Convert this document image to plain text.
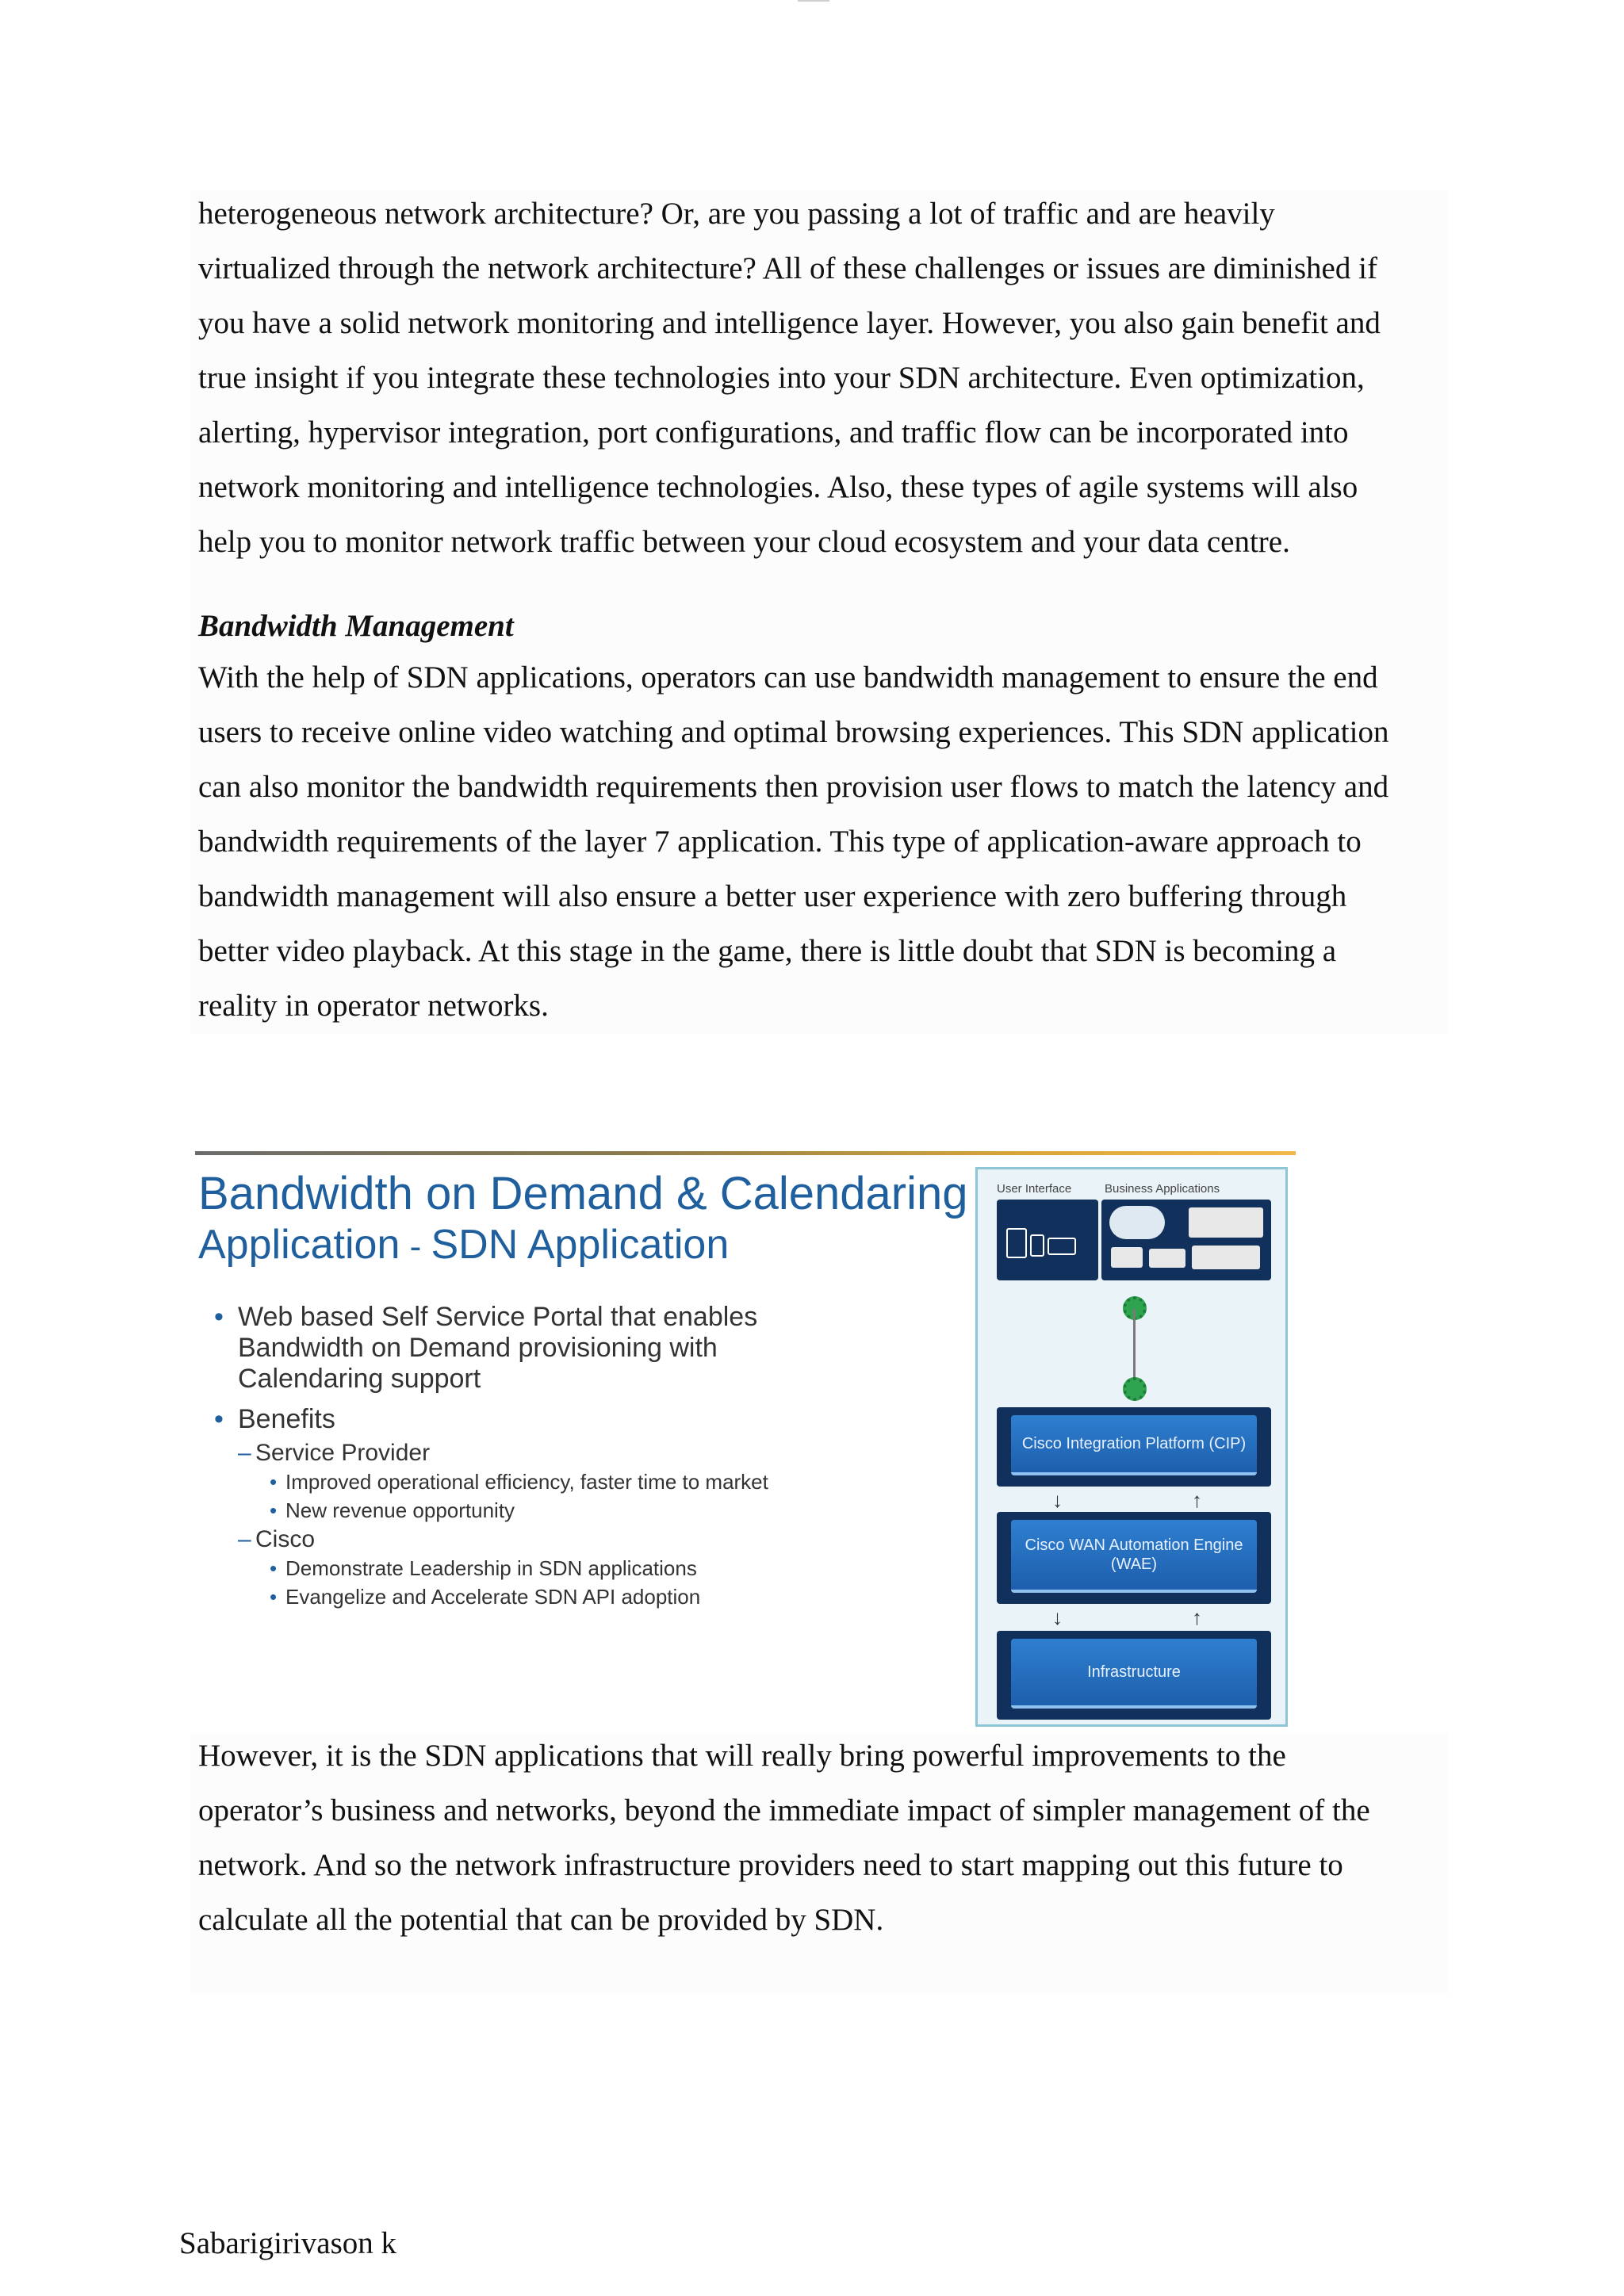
heterogeneous network architecture? Or, are you passing a lot of traffic and are heavily

virtualized through the network architecture? All of these challenges or issues are diminished if

you have a solid network monitoring and intelligence layer. However, you also gain benefit and

true insight if you integrate these technologies into your SDN architecture. Even optimization,

alerting, hypervisor integration, port configurations, and traffic flow can be incorporated into

network monitoring and intelligence technologies. Also, these types of agile systems will also

help you to monitor network traffic between your cloud ecosystem and your data centre.

Bandwidth Management

With the help of SDN applications, operators can use bandwidth management to ensure the end

users to receive online video watching and optimal browsing experiences. This SDN application

can also monitor the bandwidth requirements then provision user flows to match the latency and

bandwidth requirements of the layer 7 application. This type of application-aware approach to

bandwidth management will also ensure a better user experience with zero buffering through

better video playback. At this stage in the game, there is little doubt that SDN is becoming a

reality in operator networks.

Bandwidth on Demand & Calendaring
Application - SDN Application

• Web based Self Service Portal that enables
Bandwidth on Demand provisioning with
Calendaring support

• Benefits

– Service Provider

• Improved operational efficiency, faster time to market

• New revenue opportunity

– Cisco

• Demonstrate Leadership in SDN applications

• Evangelize and Accelerate SDN API adoption

User Interface	Business Applications
Cisco Integration Platform (CIP)
↓	↑
Cisco WAN Automation Engine (WAE)
↓	↑
Infrastructure

However, it is the SDN applications that will really bring powerful improvements to the

operator’s business and networks, beyond the immediate impact of simpler management of the

network. And so the network infrastructure providers need to start mapping out this future to

calculate all the potential that can be provided by SDN.

Sabarigirivason k
